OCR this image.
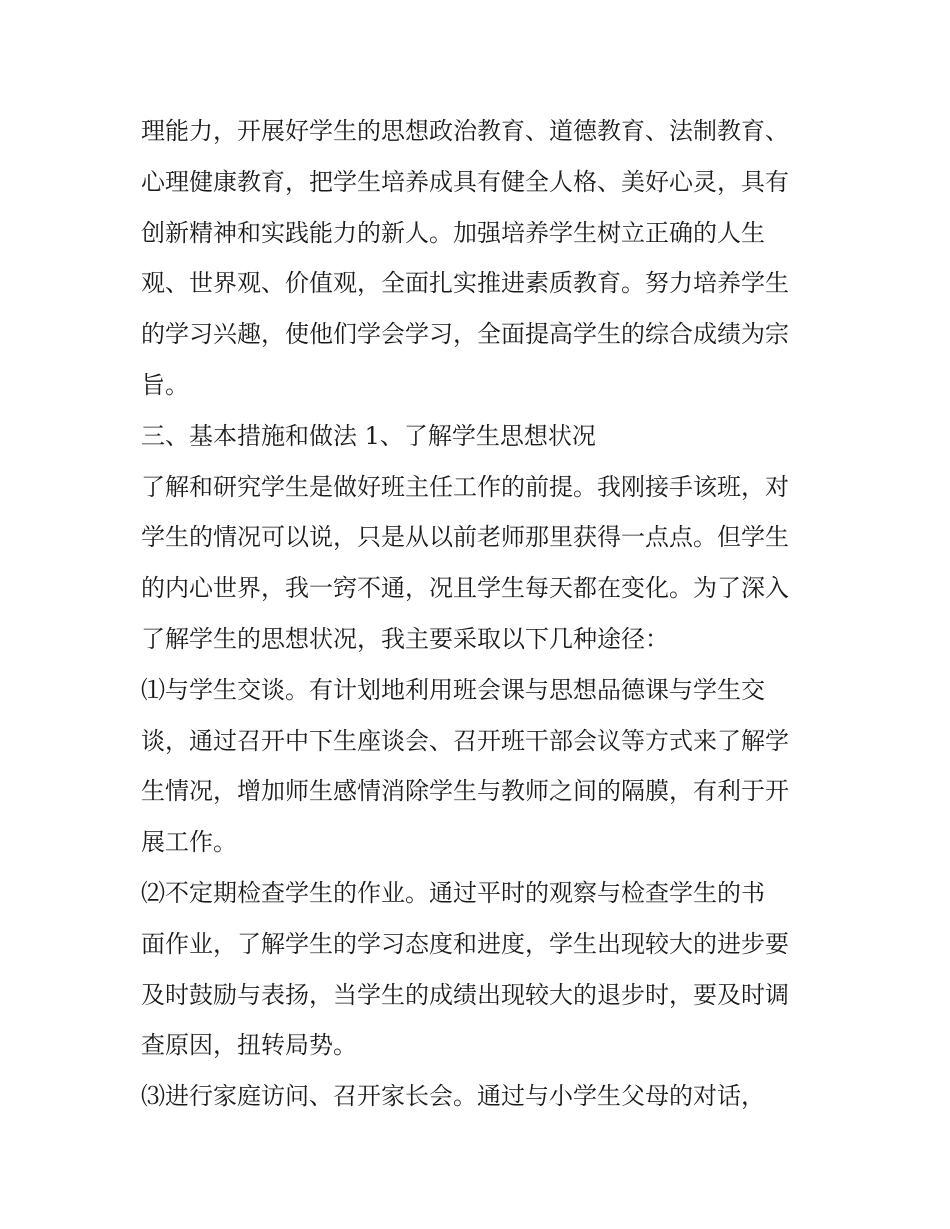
理能力，开展好学生的思想政治教育、道德教育、法制教育、
心理健康教育，把学生培养成具有健全人格、美好心灵，具有
创新精神和实践能力的新人。加强培养学生树立正确的人生
观、世界观、价值观，全面扎实推进素质教育。努力培养学生
的学习兴趣，使他们学会学习，全面提高学生的综合成绩为宗
旨。
三、基本措施和做法 1、了解学生思想状况
了解和研究学生是做好班主任工作的前提。我刚接手该班，对
学生的情况可以说，只是从以前老师那里获得一点点。但学生
的内心世界，我一窍不通，况且学生每天都在变化。为了深入
了解学生的思想状况，我主要采取以下几种途径：
⑴与学生交谈。有计划地利用班会课与思想品德课与学生交
谈，通过召开中下生座谈会、召开班干部会议等方式来了解学
生情况，增加师生感情消除学生与教师之间的隔膜，有利于开
展工作。
⑵不定期检查学生的作业。通过平时的观察与检查学生的书
面作业，了解学生的学习态度和进度，学生出现较大的进步要
及时鼓励与表扬，当学生的成绩出现较大的退步时，要及时调
查原因，扭转局势。
⑶进行家庭访问、召开家长会。通过与小学生父母的对话，
